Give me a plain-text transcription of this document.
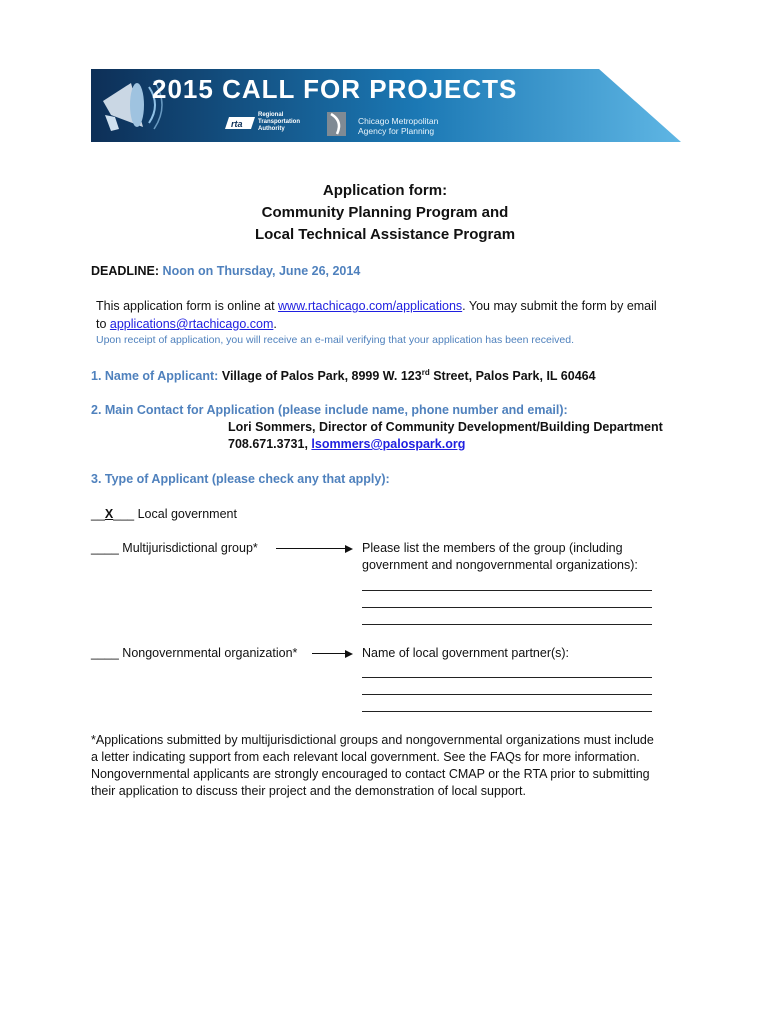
rta
2015 CALL FOR PROJECTS
Regional
Transportation
Authority
Chicago Metropolitan
Agency for Planning
Application form:
Community Planning Program and
Local Technical Assistance Program
DEADLINE: Noon on Thursday, June 26, 2014
This application form is online at www.rtachicago.com/applications. You may submit the form by email
to applications@rtachicago.com.
Upon receipt of application, you will receive an e-mail verifying that your application has been received.
1. Name of Applicant: Village of Palos Park, 8999 W. 123rd Street, Palos Park, IL 60464
2. Main Contact for Application (please include name, phone number and email):
Lori Sommers, Director of Community Development/Building Department
708.671.3731, lsommers@palospark.org
3. Type of Applicant (please check any that apply):
__X___ Local government
____ Multijurisdictional group*	Please list the members of the group (including
government and nongovernmental organizations):
____ Nongovernmental organization*	Name of local government partner(s):
*Applications submitted by multijurisdictional groups and nongovernmental organizations must include
a letter indicating support from each relevant local government. See the FAQs for more information.
Nongovernmental applicants are strongly encouraged to contact CMAP or the RTA prior to submitting
their application to discuss their project and the demonstration of local support.
